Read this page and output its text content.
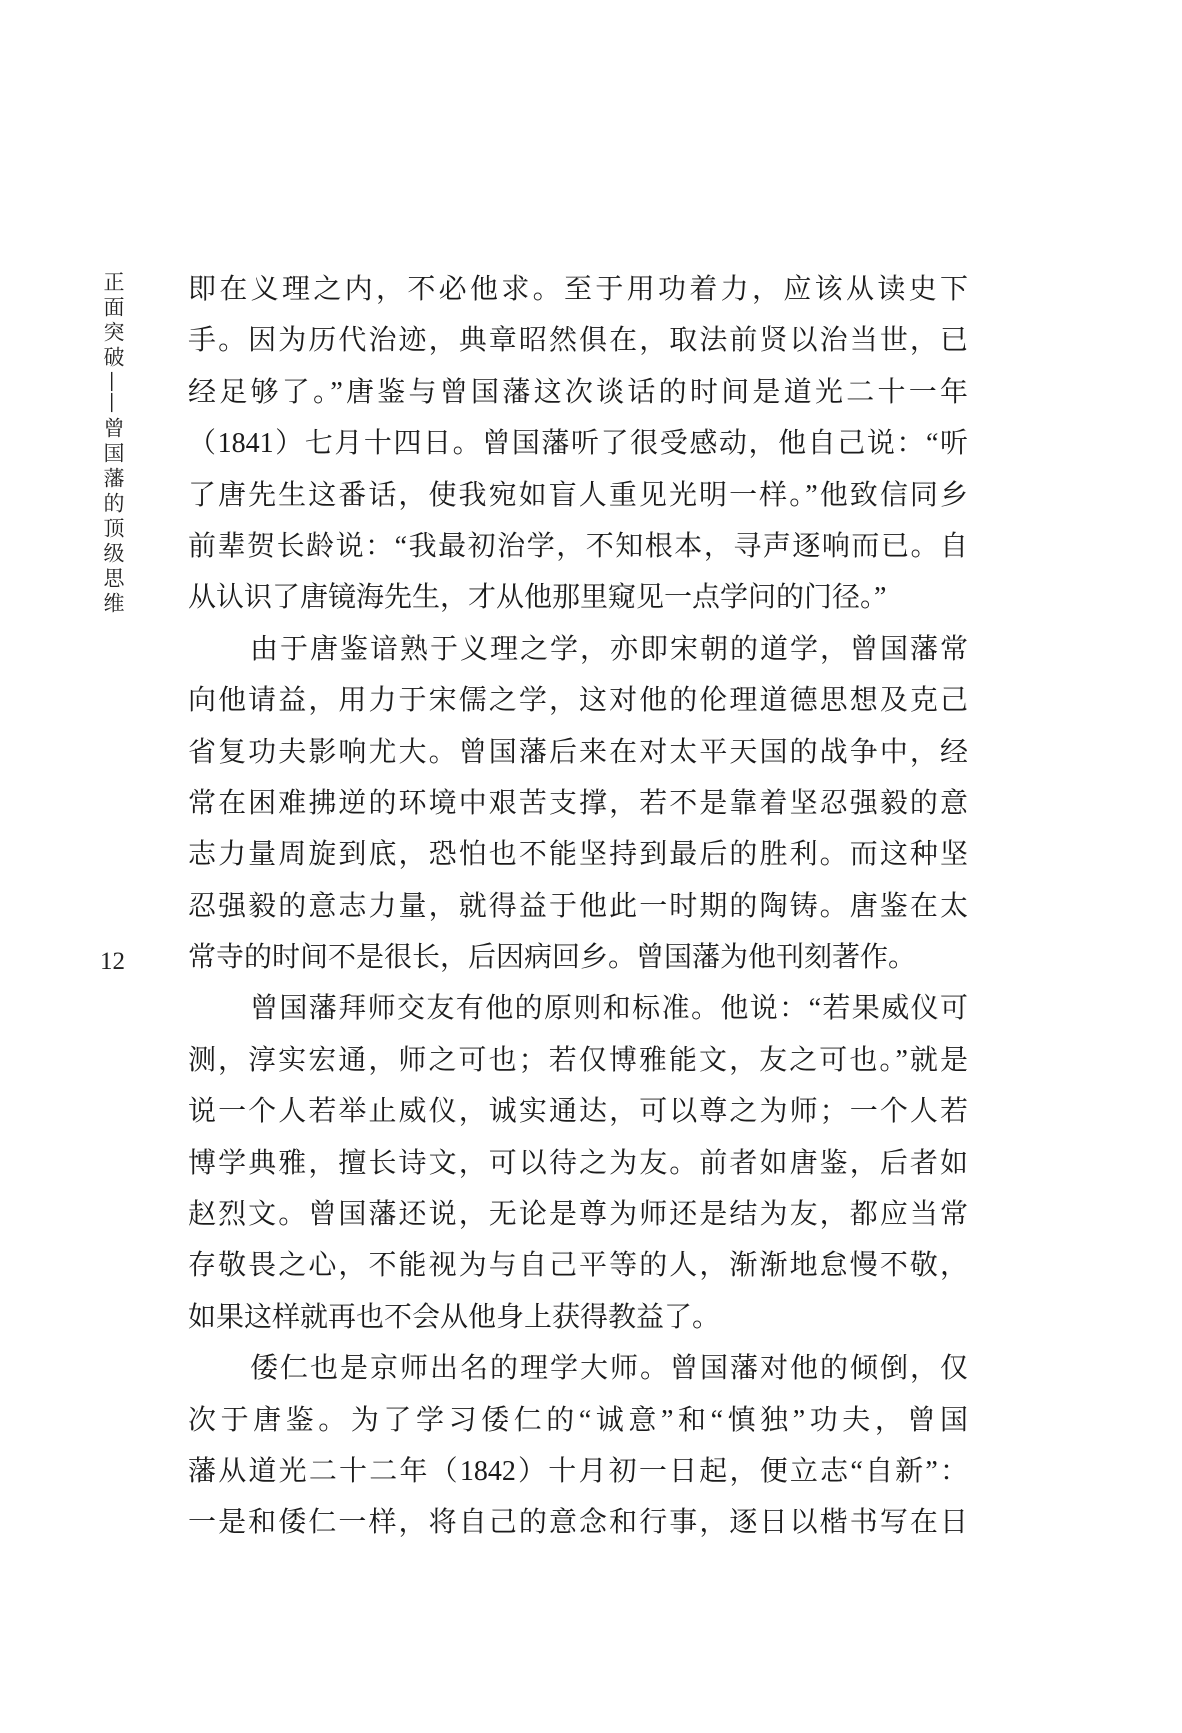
正面突破——曾国藩的顶级思维
12
即在义理之内，不必他求。至于用功着力，应该从读史下
手。因为历代治迹，典章昭然俱在，取法前贤以治当世，已
经足够了。”唐鉴与曾国藩这次谈话的时间是道光二十一年
（1841）七月十四日。曾国藩听了很受感动，他自己说：“听
了唐先生这番话，使我宛如盲人重见光明一样。”他致信同乡
前辈贺长龄说：“我最初治学，不知根本，寻声逐响而已。自
从认识了唐镜海先生，才从他那里窥见一点学问的门径。”
由于唐鉴谙熟于义理之学，亦即宋朝的道学，曾国藩常
向他请益，用力于宋儒之学，这对他的伦理道德思想及克己
省复功夫影响尤大。曾国藩后来在对太平天国的战争中，经
常在困难拂逆的环境中艰苦支撑，若不是靠着坚忍强毅的意
志力量周旋到底，恐怕也不能坚持到最后的胜利。而这种坚
忍强毅的意志力量，就得益于他此一时期的陶铸。唐鉴在太
常寺的时间不是很长，后因病回乡。曾国藩为他刊刻著作。
曾国藩拜师交友有他的原则和标准。他说：“若果威仪可
测，淳实宏通，师之可也；若仅博雅能文，友之可也。”就是
说一个人若举止威仪，诚实通达，可以尊之为师；一个人若
博学典雅，擅长诗文，可以待之为友。前者如唐鉴，后者如
赵烈文。曾国藩还说，无论是尊为师还是结为友，都应当常
存敬畏之心，不能视为与自己平等的人，渐渐地怠慢不敬，
如果这样就再也不会从他身上获得教益了。
倭仁也是京师出名的理学大师。曾国藩对他的倾倒，仅
次于唐鉴。为了学习倭仁的“诚意”和“慎独”功夫，曾国
藩从道光二十二年（1842）十月初一日起，便立志“自新”：
一是和倭仁一样，将自己的意念和行事，逐日以楷书写在日
